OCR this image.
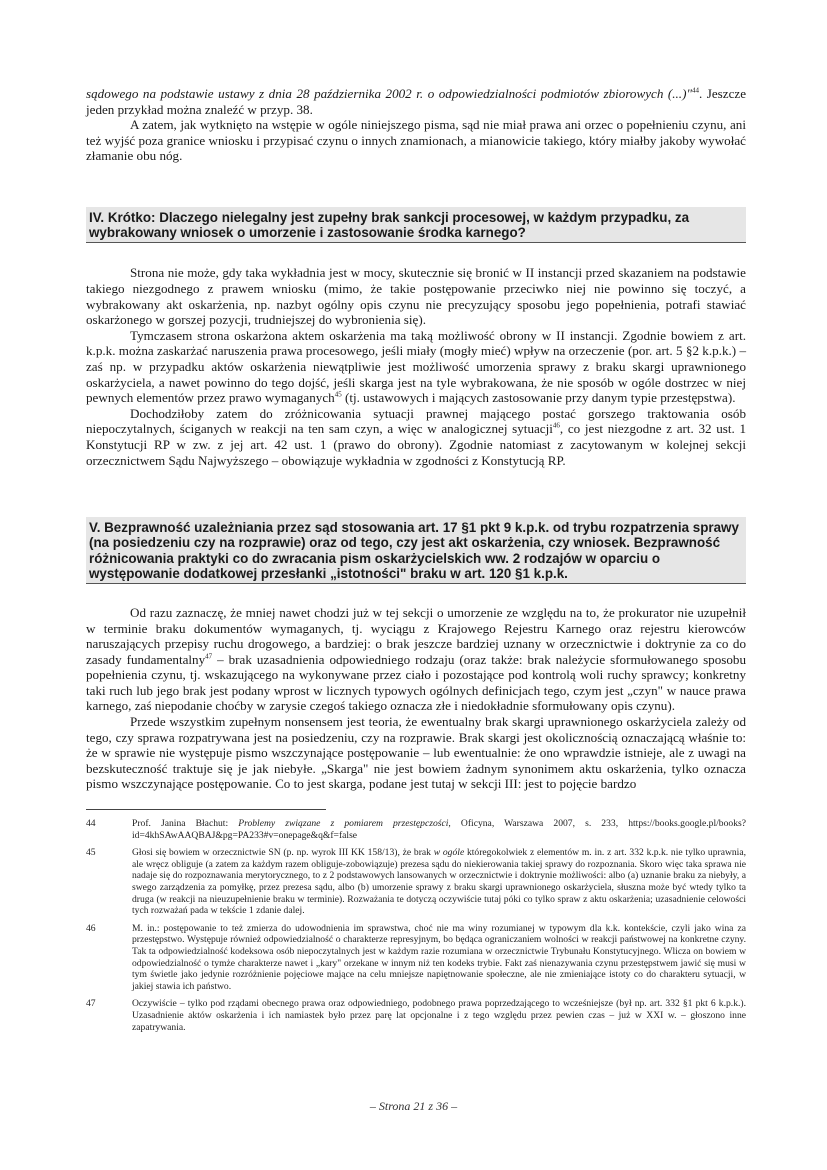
sądowego na podstawie ustawy z dnia 28 października 2002 r. o odpowiedzialności podmiotów zbiorowych (...)"$^{44}$. Jeszcze jeden przykład można znaleźć w przyp. 38.

A zatem, jak wytknięto na wstępie w ogóle niniejszego pisma, sąd nie miał prawa ani orzec o popełnieniu czynu, ani też wyjść poza granice wniosku i przypisać czynu o innych znamionach, a mianowicie takiego, który miałby jakoby wywołać złamanie obu nóg.

IV. Krótko: Dlaczego nielegalny jest zupełny brak sankcji procesowej, w każdym przypadku, za wybrakowany wniosek o umorzenie i zastosowanie środka karnego?

Strona nie może, gdy taka wykładnia jest w mocy, skutecznie się bronić w II instancji przed skazaniem na podstawie takiego niezgodnego z prawem wniosku (mimo, że takie postępowanie przeciwko niej nie powinno się toczyć, a wybrakowany akt oskarżenia, np. nazbyt ogólny opis czynu nie precyzujący sposobu jego popełnienia, potrafi stawiać oskarżonego w gorszej pozycji, trudniejszej do wybronienia się).

Tymczasem strona oskarżona aktem oskarżenia ma taką możliwość obrony w II instancji. Zgodnie bowiem z art. k.p.k. można zaskarżać naruszenia prawa procesowego, jeśli miały (mogły mieć) wpływ na orzeczenie (por. art. 5 §2 k.p.k.) – zaś np. w przypadku aktów oskarżenia niewątpliwie jest możliwość umorzenia sprawy z braku skargi uprawnionego oskarżyciela, a nawet powinno do tego dojść, jeśli skarga jest na tyle wybrakowana, że nie sposób w ogóle dostrzec w niej pewnych elementów przez prawo wymaganych$^{45}$ (tj. ustawowych i mających zastosowanie przy danym typie przestępstwa).

Dochodziłoby zatem do zróżnicowania sytuacji prawnej mającego postać gorszego traktowania osób niepoczytalnych, ściganych w reakcji na ten sam czyn, a więc w analogicznej sytuacji$^{46}$, co jest niezgodne z art. 32 ust. 1 Konstytucji RP w zw. z jej art. 42 ust. 1 (prawo do obrony). Zgodnie natomiast z zacytowanym w kolejnej sekcji orzecznictwem Sądu Najwyższego – obowiązuje wykładnia w zgodności z Konstytucją RP.

V. Bezprawność uzależniania przez sąd stosowania art. 17 §1 pkt 9 k.p.k. od trybu rozpatrzenia sprawy (na posiedzeniu czy na rozprawie) oraz od tego, czy jest akt oskarżenia, czy wniosek. Bezprawność różnicowania praktyki co do zwracania pism oskarżycielskich ww. 2 rodzajów w oparciu o występowanie dodatkowej przesłanki „istotności" braku w art. 120 §1 k.p.k.

Od razu zaznaczę, że mniej nawet chodzi już w tej sekcji o umorzenie ze względu na to, że prokurator nie uzupełnił w terminie braku dokumentów wymaganych, tj. wyciągu z Krajowego Rejestru Karnego oraz rejestru kierowców naruszających przepisy ruchu drogowego, a bardziej: o brak jeszcze bardziej uznany w orzecznictwie i doktrynie za co do zasady fundamentalny$^{47}$ – brak uzasadnienia odpowiedniego rodzaju (oraz także: brak należycie sformułowanego sposobu popełnienia czynu, tj. wskazującego na wykonywane przez ciało i pozostające pod kontrolą woli ruchy sprawcy; konkretny taki ruch lub jego brak jest podany wprost w licznych typowych ogólnych definicjach tego, czym jest „czyn" w nauce prawa karnego, zaś niepodanie choćby w zarysie czegoś takiego oznacza złe i niedokładnie sformułowany opis czynu).

Przede wszystkim zupełnym nonsensem jest teoria, że ewentualny brak skargi uprawnionego oskarżyciela zależy od tego, czy sprawa rozpatrywana jest na posiedzeniu, czy na rozprawie. Brak skargi jest okolicznością oznaczającą właśnie to: że w sprawie nie występuje pismo wszczynające postępowanie – lub ewentualnie: że ono wprawdzie istnieje, ale z uwagi na bezskuteczność traktuje się je jak niebyłe. „Skarga" nie jest bowiem żadnym synonimem aktu oskarżenia, tylko oznacza pismo wszczynające postępowanie. Co to jest skarga, podane jest tutaj w sekcji III: jest to pojęcie bardzo

44	Prof. Janina Błachut: Problemy związane z pomiarem przestępczości, Oficyna, Warszawa 2007, s. 233, https://books.google.pl/books?id=4khSAwAAQBAJ&pg=PA233#v=onepage&q&f=false
45	Głosi się bowiem w orzecznictwie SN (p. np. wyrok III KK 158/13), że brak w ogóle któregokolwiek z elementów m. in. z art. 332 k.p.k. nie tylko uprawnia, ale wręcz obliguje (a zatem za każdym razem obliguje-zobowiązuje) prezesa sądu do niekierowania takiej sprawy do rozpoznania. Skoro więc taka sprawa nie nadaje się do rozpoznawania merytorycznego, to z 2 podstawowych lansowanych w orzecznictwie i doktrynie możliwości: albo (a) uznanie braku za niebyły, a swego zarządzenia za pomyłkę, przez prezesa sądu, albo (b) umorzenie sprawy z braku skargi uprawnionego oskarżyciela, słuszna może być wtedy tylko ta druga (w reakcji na nieuzupełnienie braku w terminie). Rozważania te dotyczą oczywiście tutaj póki co tylko spraw z aktu oskarżenia; uzasadnienie celowości tych rozważań pada w tekście 1 zdanie dalej.
46	M. in.: postępowanie to też zmierza do udowodnienia im sprawstwa, choć nie ma winy rozumianej w typowym dla k.k. kontekście, czyli jako wina za przestępstwo. Występuje również odpowiedzialność o charakterze represyjnym, bo będąca ograniczaniem wolności w reakcji państwowej na konkretne czyny. Tak ta odpowiedzialność kodeksowa osób niepoczytalnych jest w każdym razie rozumiana w orzecznictwie Trybunału Konstytucyjnego. Wlicza on bowiem w odpowiedzialność o tymże charakterze nawet i „kary" orzekane w innym niż ten kodeks trybie. Fakt zaś nienazywania czynu przestępstwem jawić się musi w tym świetle jako jedynie rozróżnienie pojęciowe mające na celu mniejsze napiętnowanie społeczne, ale nie zmieniające istoty co do charakteru sytuacji, w jakiej stawia ich państwo.
47	Oczywiście – tylko pod rządami obecnego prawa oraz odpowiedniego, podobnego prawa poprzedzającego to wcześniejsze (był np. art. 332 §1 pkt 6 k.p.k.). Uzasadnienie aktów oskarżenia i ich namiastek było przez parę lat opcjonalne i z tego względu przez pewien czas – już w XXI w. – głoszono inne zapatrywania.
– Strona 21 z 36 –
